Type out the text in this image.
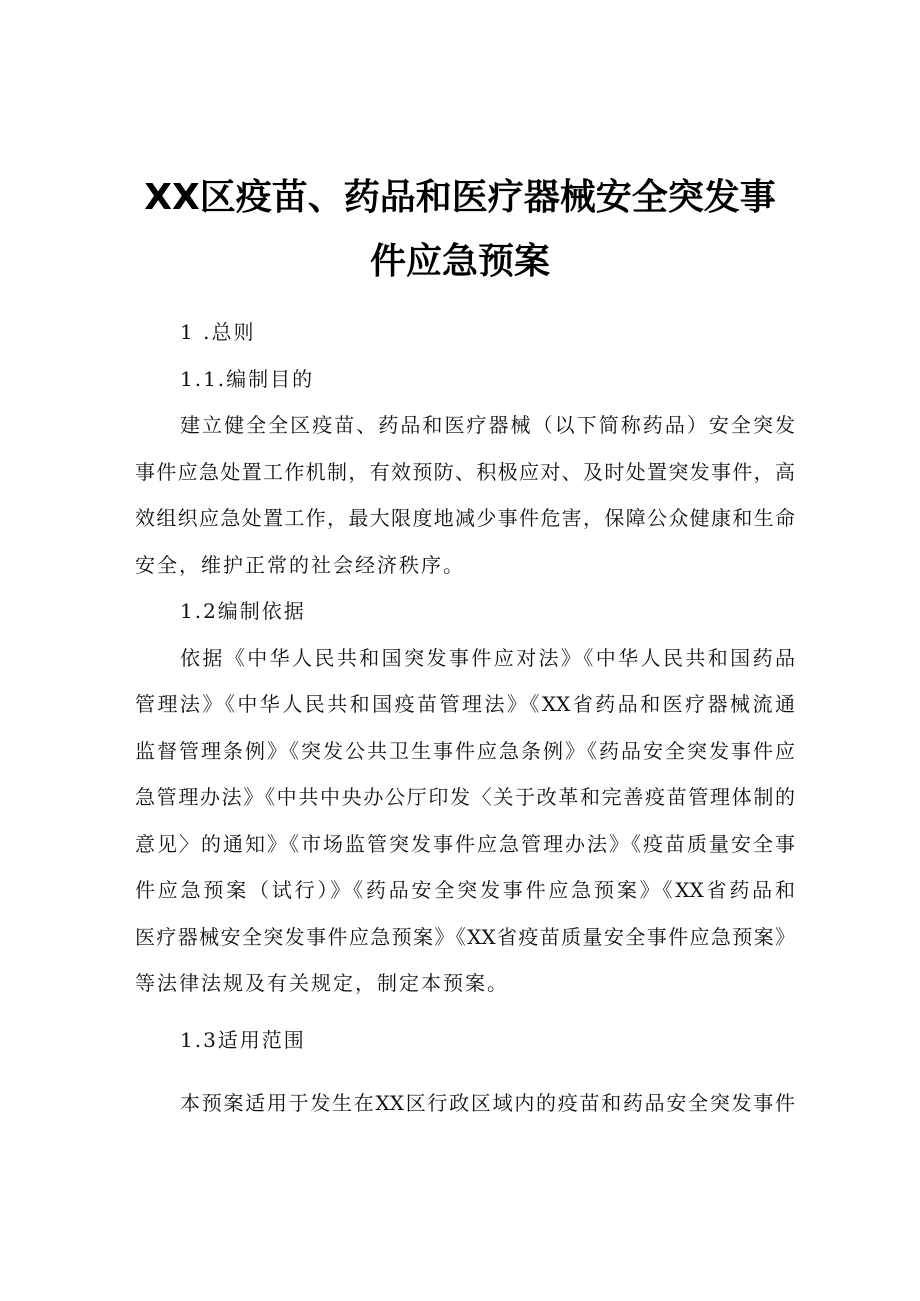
XX区疫苗、药品和医疗器械安全突发事
件应急预案
1 .总则
1.1.编制目的
建立健全全区疫苗、药品和医疗器械（以下简称药品）安全突发
事件应急处置工作机制，有效预防、积极应对、及时处置突发事件，高
效组织应急处置工作，最大限度地减少事件危害，保障公众健康和生命
安全，维护正常的社会经济秩序。
1.2编制依据
依据《中华人民共和国突发事件应对法》《中华人民共和国药品
管理法》《中华人民共和国疫苗管理法》《XX省药品和医疗器械流通
监督管理条例》《突发公共卫生事件应急条例》《药品安全突发事件应
急管理办法》《中共中央办公厅印发〈关于改革和完善疫苗管理体制的
意见〉的通知》《市场监管突发事件应急管理办法》《疫苗质量安全事
件应急预案（试行）》《药品安全突发事件应急预案》《XX省药品和
医疗器械安全突发事件应急预案》《XX省疫苗质量安全事件应急预案》
等法律法规及有关规定，制定本预案。
1.3适用范围
本预案适用于发生在XX区行政区域内的疫苗和药品安全突发事件
